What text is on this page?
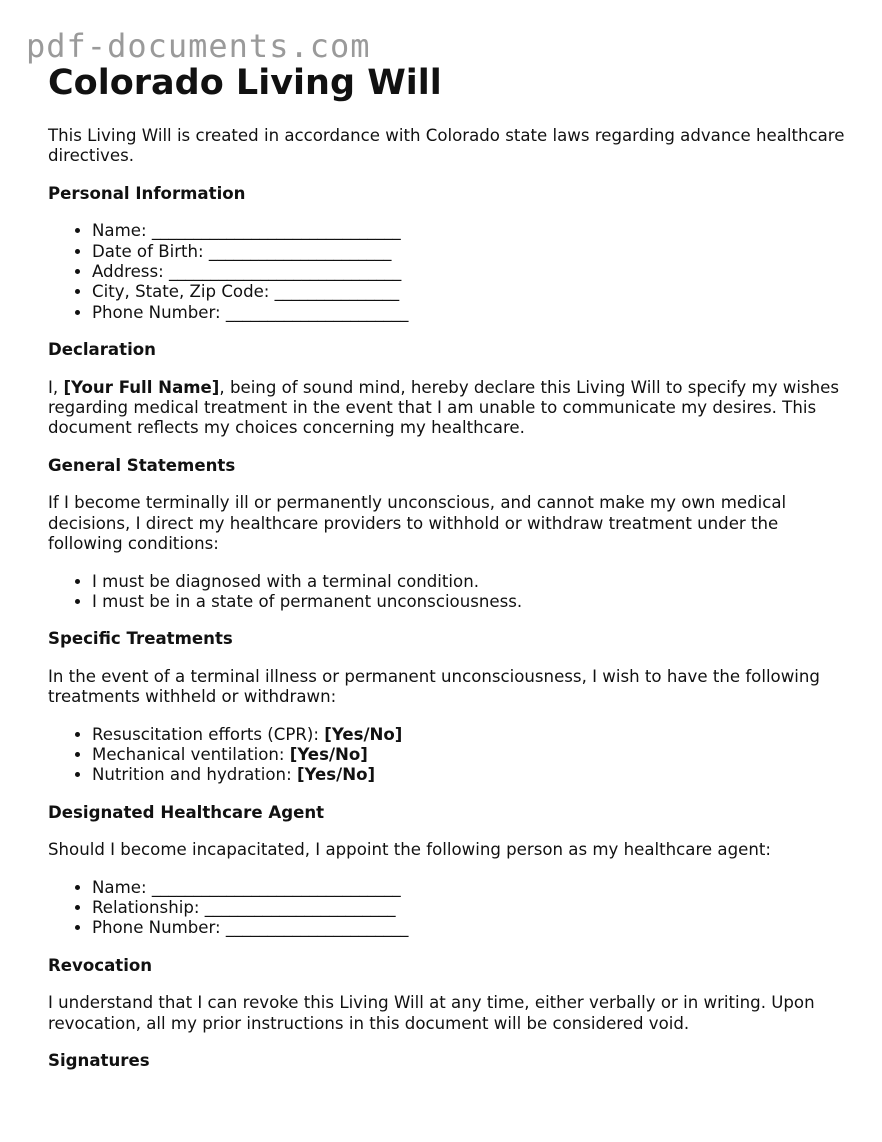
pdf-documents.com
Colorado Living Will

This Living Will is created in accordance with Colorado state laws regarding advance healthcare directives.

Personal Information
• Name: ______________________________
• Date of Birth: ______________________
• Address: ____________________________
• City, State, Zip Code: _______________
• Phone Number: ______________________
Declaration

I, [Your Full Name], being of sound mind, hereby declare this Living Will to specify my wishes regarding medical treatment in the event that I am unable to communicate my desires. This document reflects my choices concerning my healthcare.

General Statements

If I become terminally ill or permanently unconscious, and cannot make my own medical decisions, I direct my healthcare providers to withhold or withdraw treatment under the following conditions:

• I must be diagnosed with a terminal condition.
• I must be in a state of permanent unconsciousness.
Specific Treatments

In the event of a terminal illness or permanent unconsciousness, I wish to have the following treatments withheld or withdrawn:

• Resuscitation efforts (CPR): [Yes/No]
• Mechanical ventilation: [Yes/No]
• Nutrition and hydration: [Yes/No]
Designated Healthcare Agent

Should I become incapacitated, I appoint the following person as my healthcare agent:

• Name: ______________________________
• Relationship: _______________________
• Phone Number: ______________________
Revocation

I understand that I can revoke this Living Will at any time, either verbally or in writing. Upon revocation, all my prior instructions in this document will be considered void.

Signatures
